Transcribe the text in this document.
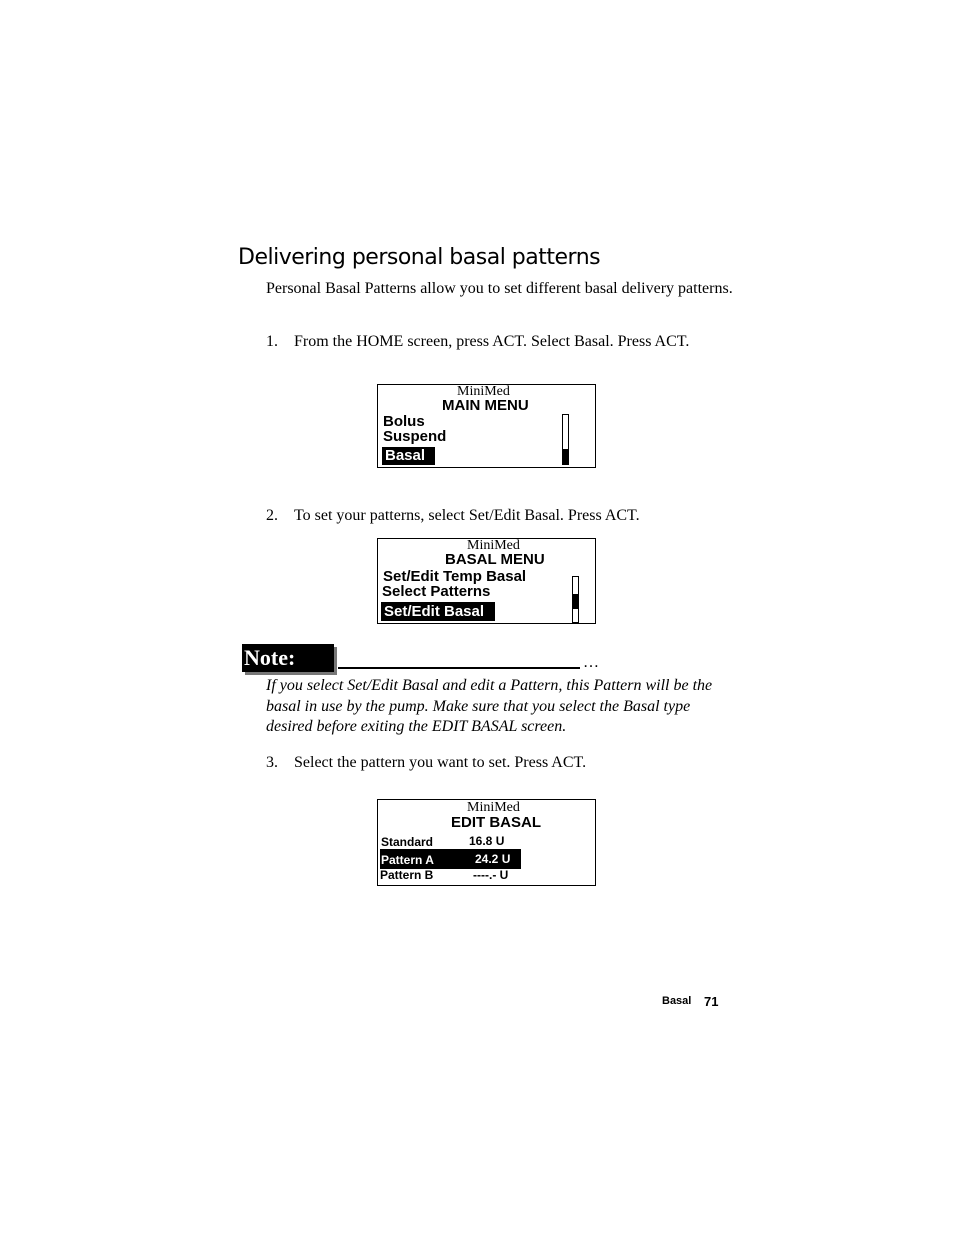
Delivering personal basal patterns
Personal Basal Patterns allow you to set different basal delivery patterns.
1. From the HOME screen, press ACT. Select Basal. Press ACT.
MiniMed
MAIN MENU
Bolus
Suspend
Basal
2. To set your patterns, select Set/Edit Basal. Press ACT.
MiniMed
BASAL MENU
Set/Edit Temp Basal
Select Patterns
Set/Edit Basal
Note:	…
If you select Set/Edit Basal and edit a Pattern, this Pattern will be the basal in use by the pump. Make sure that you select the Basal type desired before exiting the EDIT BASAL screen.
3. Select the pattern you want to set. Press ACT.
MiniMed
EDIT BASAL
Standard	16.8 U
Pattern A	24.2 U
Pattern B	----.- U
Basal 71
